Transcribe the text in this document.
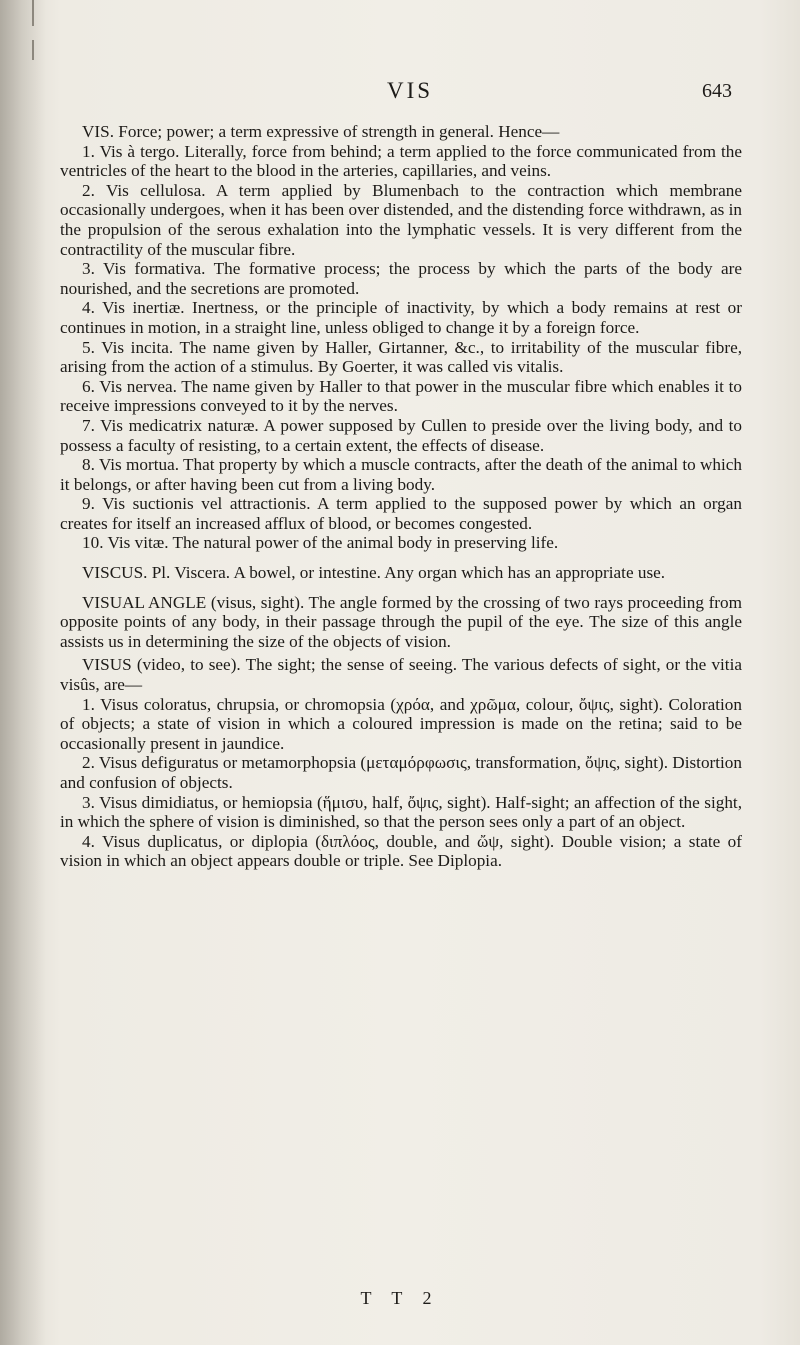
VIS	643

VIS. Force; power; a term expressive of strength in general. Hence—

1. Vis à tergo. Literally, force from behind; a term applied to the force communicated from the ventricles of the heart to the blood in the arteries, capillaries, and veins.

2. Vis cellulosa. A term applied by Blumenbach to the contraction which membrane occasionally undergoes, when it has been over distended, and the distending force withdrawn, as in the propulsion of the serous exhalation into the lymphatic vessels. It is very different from the contractility of the muscular fibre.

3. Vis formativa. The formative process; the process by which the parts of the body are nourished, and the secretions are promoted.

4. Vis inertiæ. Inertness, or the principle of inactivity, by which a body remains at rest or continues in motion, in a straight line, unless obliged to change it by a foreign force.

5. Vis incita. The name given by Haller, Girtanner, &c., to irritability of the muscular fibre, arising from the action of a stimulus. By Goerter, it was called vis vitalis.

6. Vis nervea. The name given by Haller to that power in the muscular fibre which enables it to receive impressions conveyed to it by the nerves.

7. Vis medicatrix naturæ. A power supposed by Cullen to preside over the living body, and to possess a faculty of resisting, to a certain extent, the effects of disease.

8. Vis mortua. That property by which a muscle contracts, after the death of the animal to which it belongs, or after having been cut from a living body.

9. Vis suctionis vel attractionis. A term applied to the supposed power by which an organ creates for itself an increased afflux of blood, or becomes congested.

10. Vis vitæ. The natural power of the animal body in preserving life.

VISCUS. Pl. Viscera. A bowel, or intestine. Any organ which has an appropriate use.

VISUAL ANGLE (visus, sight). The angle formed by the crossing of two rays proceeding from opposite points of any body, in their passage through the pupil of the eye. The size of this angle assists us in determining the size of the objects of vision.

VISUS (video, to see). The sight; the sense of seeing. The various defects of sight, or the vitia visûs, are—

1. Visus coloratus, chrupsia, or chromopsia (χρόα, and χρῶμα, colour, ὄψις, sight). Coloration of objects; a state of vision in which a coloured impression is made on the retina; said to be occasionally present in jaundice.

2. Visus defiguratus or metamorphopsia (μεταμόρφωσις, transformation, ὄψις, sight). Distortion and confusion of objects.

3. Visus dimidiatus, or hemiopsia (ἥμισυ, half, ὄψις, sight). Half-sight; an affection of the sight, in which the sphere of vision is diminished, so that the person sees only a part of an object.

4. Visus duplicatus, or diplopia (διπλόος, double, and ὤψ, sight). Double vision; a state of vision in which an object appears double or triple. See Diplopia.

T T 2
